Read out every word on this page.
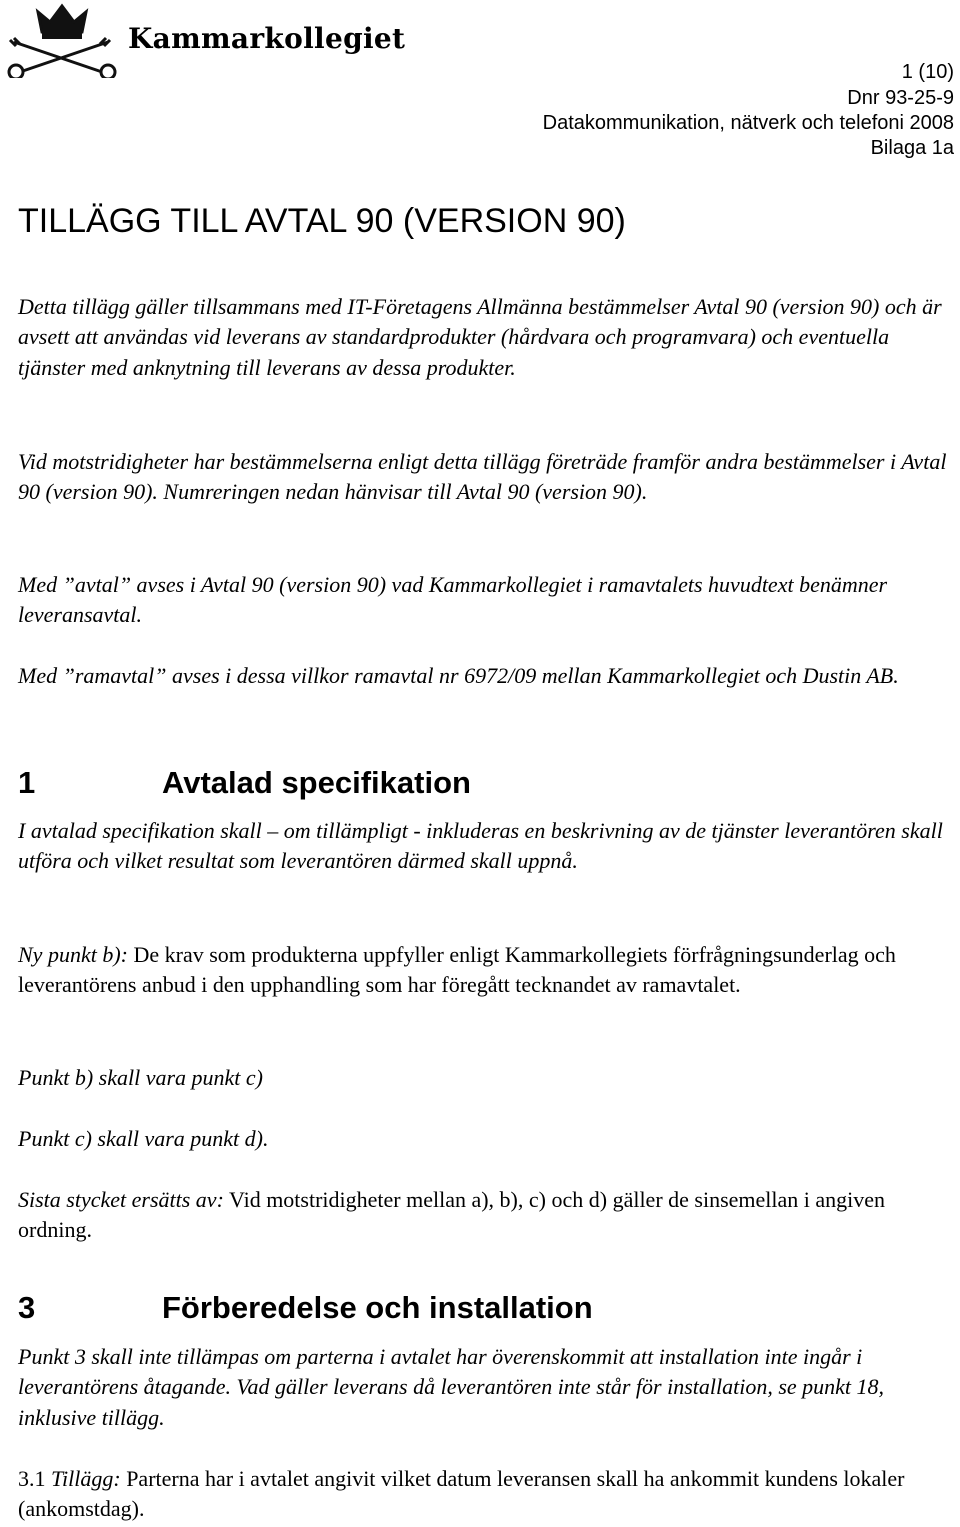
Kammarkollegiet
1 (10)
Dnr 93-25-9
Datakommunikation, nätverk och telefoni 2008
Bilaga 1a
TILLÄGG TILL AVTAL 90 (VERSION 90)

Detta tillägg gäller tillsammans med IT-Företagens Allmänna bestämmelser Avtal 90 (version 90) och är avsett att användas vid leverans av standardprodukter (hårdvara och programvara) och eventuella tjänster med anknytning till leverans av dessa produkter.

Vid motstridigheter har bestämmelserna enligt detta tillägg företräde framför andra bestämmelser i Avtal 90 (version 90). Numreringen nedan hänvisar till Avtal 90 (version 90).

Med ”avtal” avses i Avtal 90 (version 90) vad Kammarkollegiet i ramavtalets huvudtext benämner leveransavtal.

Med ”ramavtal” avses i dessa villkor ramavtal nr 6972/09 mellan Kammarkollegiet och Dustin AB.

1	Avtalad specifikation

I avtalad specifikation skall – om tillämpligt - inkluderas en beskrivning av de tjänster leverantören skall utföra och vilket resultat som leverantören därmed skall uppnå.

Ny punkt b): De krav som produkterna uppfyller enligt Kammarkollegiets förfrågningsunderlag och leverantörens anbud i den upphandling som har föregått tecknandet av ramavtalet.

Punkt b) skall vara punkt c)

Punkt c) skall vara punkt d).

Sista stycket ersätts av: Vid motstridigheter mellan a), b), c) och d) gäller de sinsemellan i angiven ordning.

3	Förberedelse och installation

Punkt 3 skall inte tillämpas om parterna i avtalet har överenskommit att installation inte ingår i leverantörens åtagande. Vad gäller leverans då leverantören inte står för installation, se punkt 18, inklusive tillägg.

3.1 Tillägg: Parterna har i avtalet angivit vilket datum leveransen skall ha ankommit kundens lokaler (ankomstdag).
